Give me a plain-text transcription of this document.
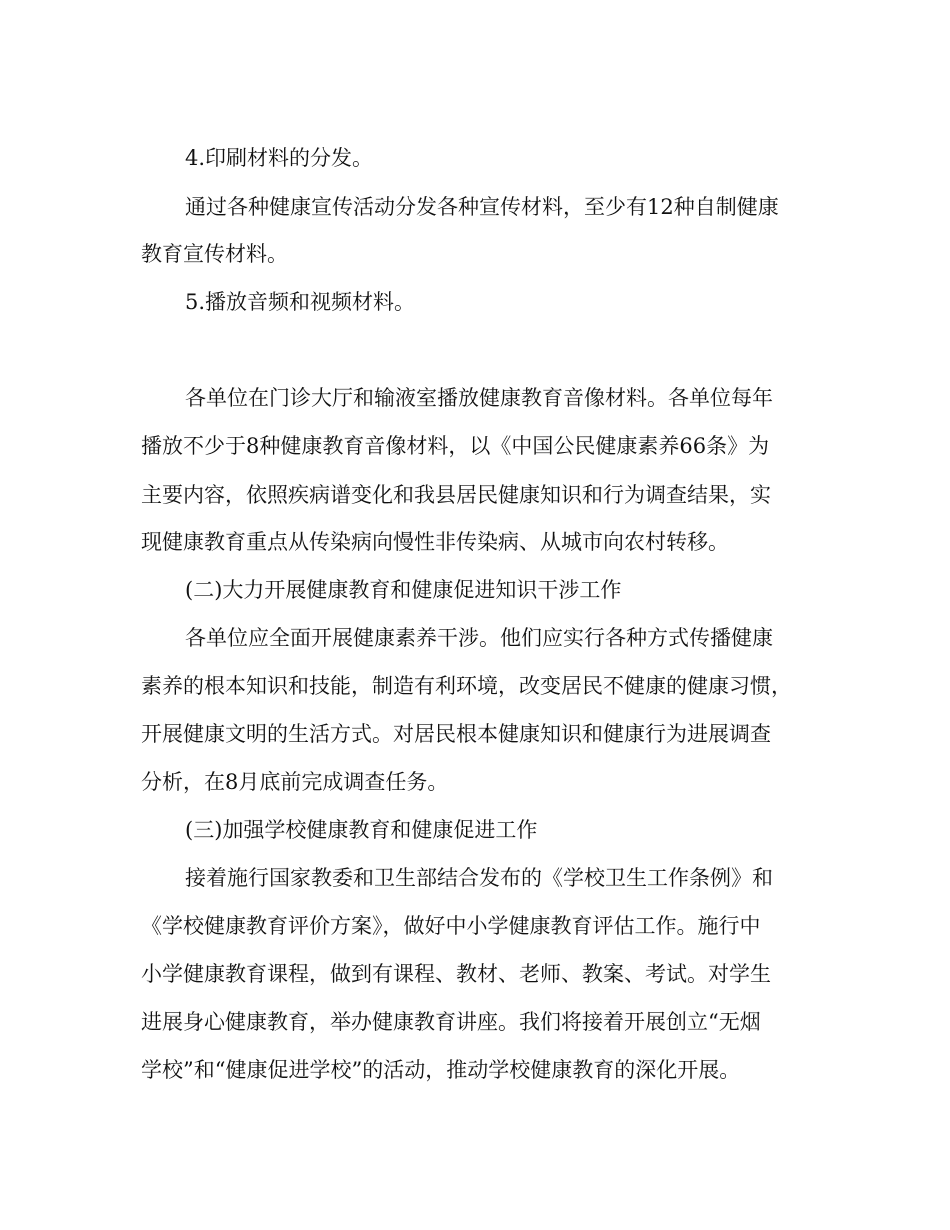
4.印刷材料的分发。
通过各种健康宣传活动分发各种宣传材料，至少有12种自制健康
教育宣传材料。
5.播放音频和视频材料。
各单位在门诊大厅和输液室播放健康教育音像材料。各单位每年
播放不少于8种健康教育音像材料，以《中国公民健康素养66条》为
主要内容，依照疾病谱变化和我县居民健康知识和行为调查结果，实
现健康教育重点从传染病向慢性非传染病、从城市向农村转移。
(二)大力开展健康教育和健康促进知识干涉工作
各单位应全面开展健康素养干涉。他们应实行各种方式传播健康
素养的根本知识和技能，制造有利环境，改变居民不健康的健康习惯，
开展健康文明的生活方式。对居民根本健康知识和健康行为进展调查
分析，在8月底前完成调查任务。
(三)加强学校健康教育和健康促进工作
接着施行国家教委和卫生部结合发布的《学校卫生工作条例》和
《学校健康教育评价方案》，做好中小学健康教育评估工作。施行中
小学健康教育课程，做到有课程、教材、老师、教案、考试。对学生
进展身心健康教育，举办健康教育讲座。我们将接着开展创立“无烟
学校”和“健康促进学校”的活动，推动学校健康教育的深化开展。
